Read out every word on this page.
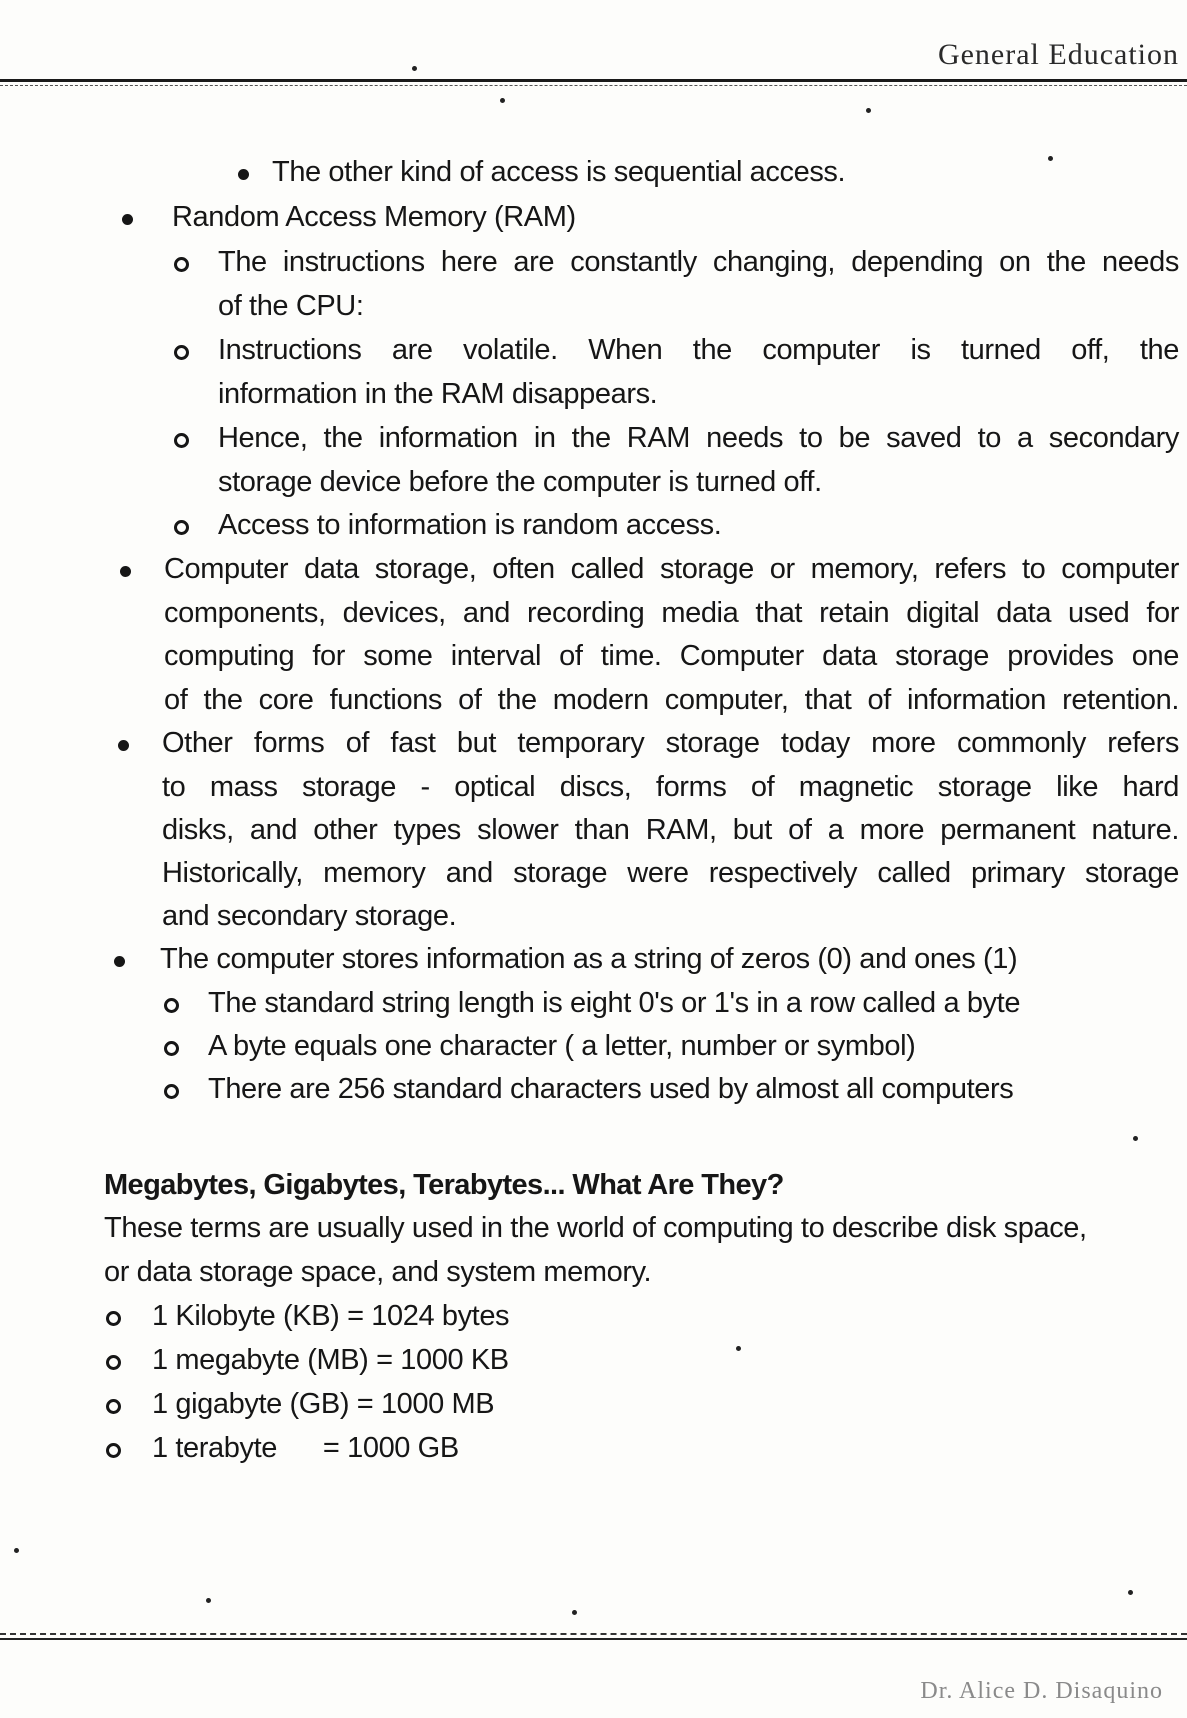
General Education
The other kind of access is sequential access.
Random Access Memory (RAM)
The instructions here are constantly changing, depending on the needs
of the CPU:
Instructions are volatile. When the computer is turned off, the
information in the RAM disappears.
Hence, the information in the RAM needs to be saved to a secondary
storage device before the computer is turned off.
Access to information is random access.
Computer data storage, often called storage or memory, refers to computer
components, devices, and recording media that retain digital data used for
computing for some interval of time. Computer data storage provides one
of the core functions of the modern computer, that of information retention.
Other forms of fast but temporary storage today more commonly refers
to mass storage - optical discs, forms of magnetic storage like hard
disks, and other types slower than RAM, but of a more permanent nature.
Historically, memory and storage were respectively called primary storage
and secondary storage.
The computer stores information as a string of zeros (0) and ones (1)
The standard string length is eight 0's or 1's in a row called a byte
A byte equals one character ( a letter, number or symbol)
There are 256 standard characters used by almost all computers
Megabytes, Gigabytes, Terabytes... What Are They?
These terms are usually used in the world of computing to describe disk space,
or data storage space, and system memory.
1 Kilobyte (KB) = 1024 bytes
1 megabyte (MB) = 1000 KB
1 gigabyte (GB) = 1000 MB
1 terabyte      = 1000 GB
Dr. Alice D. Disaquino
